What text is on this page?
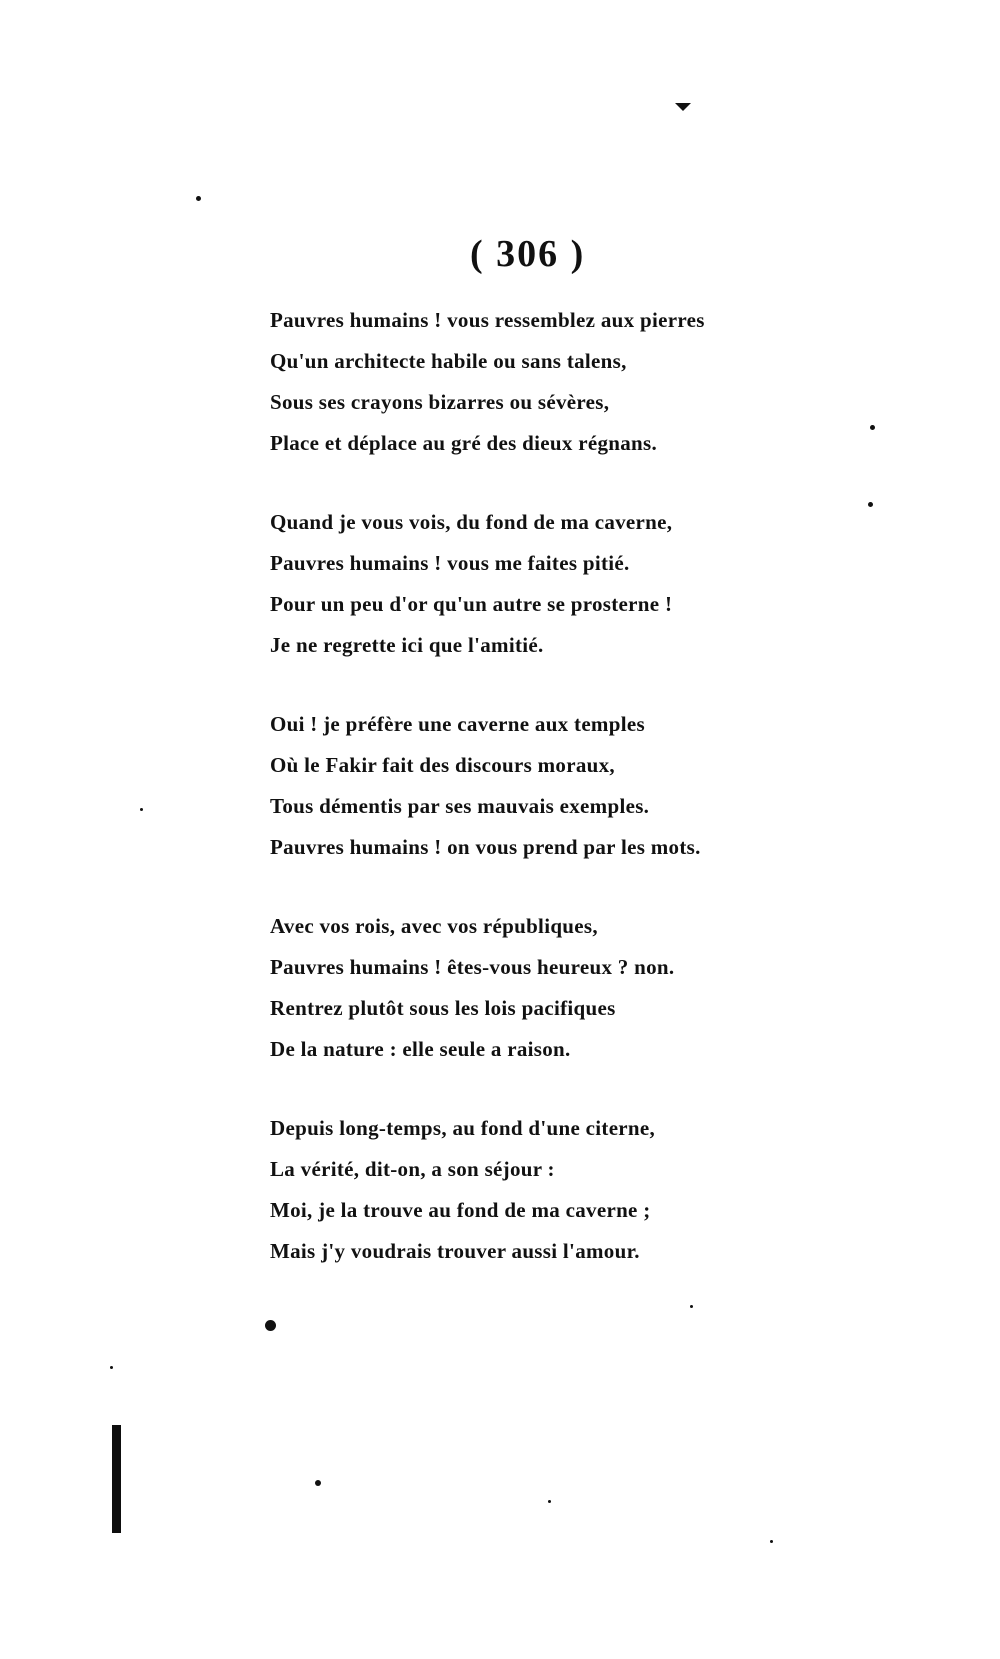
( 306 )
Pauvres humains ! vous ressemblez aux pierres
Qu'un architecte habile ou sans talens,
Sous ses crayons bizarres ou sévères,
Place et déplace au gré des dieux régnans.
Quand je vous vois, du fond de ma caverne,
Pauvres humains ! vous me faites pitié.
Pour un peu d'or qu'un autre se prosterne !
Je ne regrette ici que l'amitié.
Oui ! je préfère une caverne aux temples
Où le Fakir fait des discours moraux,
Tous démentis par ses mauvais exemples.
Pauvres humains ! on vous prend par les mots.
Avec vos rois, avec vos républiques,
Pauvres humains ! êtes-vous heureux ? non.
Rentrez plutôt sous les lois pacifiques
De la nature : elle seule a raison.
Depuis long-temps, au fond d'une citerne,
La vérité, dit-on, a son séjour :
Moi, je la trouve au fond de ma caverne ;
Mais j'y voudrais trouver aussi l'amour.
